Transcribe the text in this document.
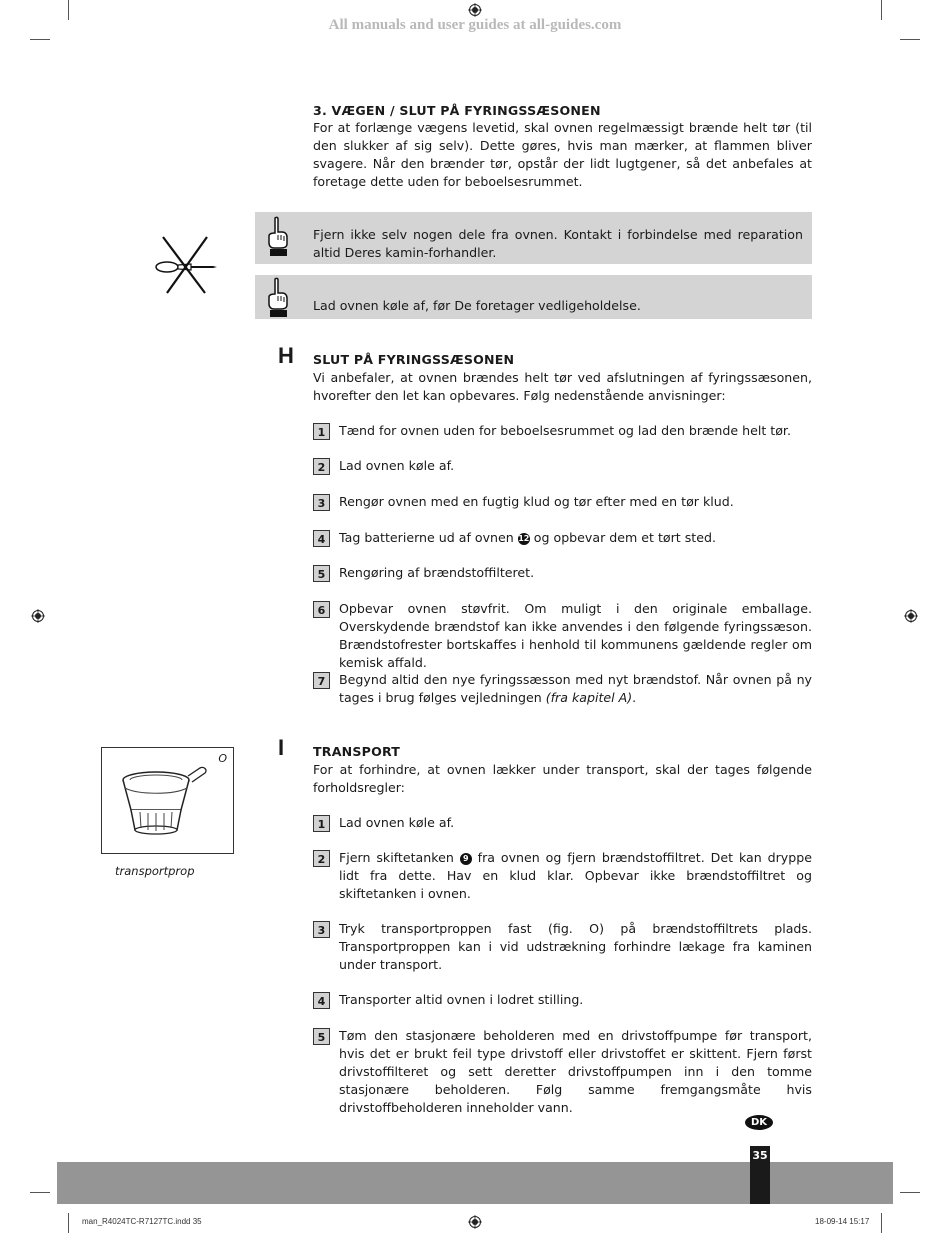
All manuals and user guides at all-guides.com
3. VÆGEN / SLUT PÅ FYRINGSSÆSONEN
For at forlænge vægens levetid, skal ovnen regelmæssigt brænde helt tør (til den slukker af sig selv). Dette gøres, hvis man mærker, at flammen bliver svagere. Når den brænder tør, opstår der lidt lugtgener, så det anbefales at foretage dette uden for beboelsesrummet.
Fjern ikke selv nogen dele fra ovnen. Kontakt i forbindelse med reparation altid Deres kamin-forhandler.
Lad ovnen køle af, før De foretager vedligeholdelse.
H SLUT PÅ FYRINGSSÆSONEN
Vi anbefaler, at ovnen brændes helt tør ved afslutningen af fyringssæsonen, hvorefter den let kan opbevares. Følg nedenstående anvisninger:
1	Tænd for ovnen uden for beboelsesrummet og lad den brænde helt tør.
2	Lad ovnen køle af.
3	Rengør ovnen med en fugtig klud og tør efter med en tør klud.
4	Tag batterierne ud af ovnen 12 og opbevar dem et tørt sted.
5	Rengøring af brændstoffilteret.
6	Opbevar ovnen støvfrit. Om muligt i den originale emballage. Overskydende brændstof kan ikke anvendes i den følgende fyringssæson. Brændstofrester bortskaffes i henhold til kommunens gældende regler om kemisk affald.
7	Begynd altid den nye fyringssæsson med nyt brændstof. Når ovnen på ny tages i brug følges vejledningen (fra kapitel A).
I TRANSPORT
For at forhindre, at ovnen lækker under transport, skal der tages følgende forholdsregler:
O
transportprop
1	Lad ovnen køle af.
2	Fjern skiftetanken 9 fra ovnen og fjern brændstoffiltret. Det kan dryppe lidt fra dette. Hav en klud klar. Opbevar ikke brændstoffiltret og skiftetanken i ovnen.
3	Tryk transportproppen fast (fig. O) på brændstoffiltrets plads. Transportproppen kan i vid udstrækning forhindre lækage fra kaminen under transport.
4	Transporter altid ovnen i lodret stilling.
5	Tøm den stasjonære beholderen med en drivstoffpumpe før transport, hvis det er brukt feil type drivstoff eller drivstoffet er skittent. Fjern først drivstoffilteret og sett deretter drivstoffpumpen inn i den tomme stasjonære beholderen. Følg samme fremgangsmåte hvis drivstoffbeholderen inneholder vann.
DK
35
man_R4024TC-R7127TC.indd 35	18-09-14 15:17
